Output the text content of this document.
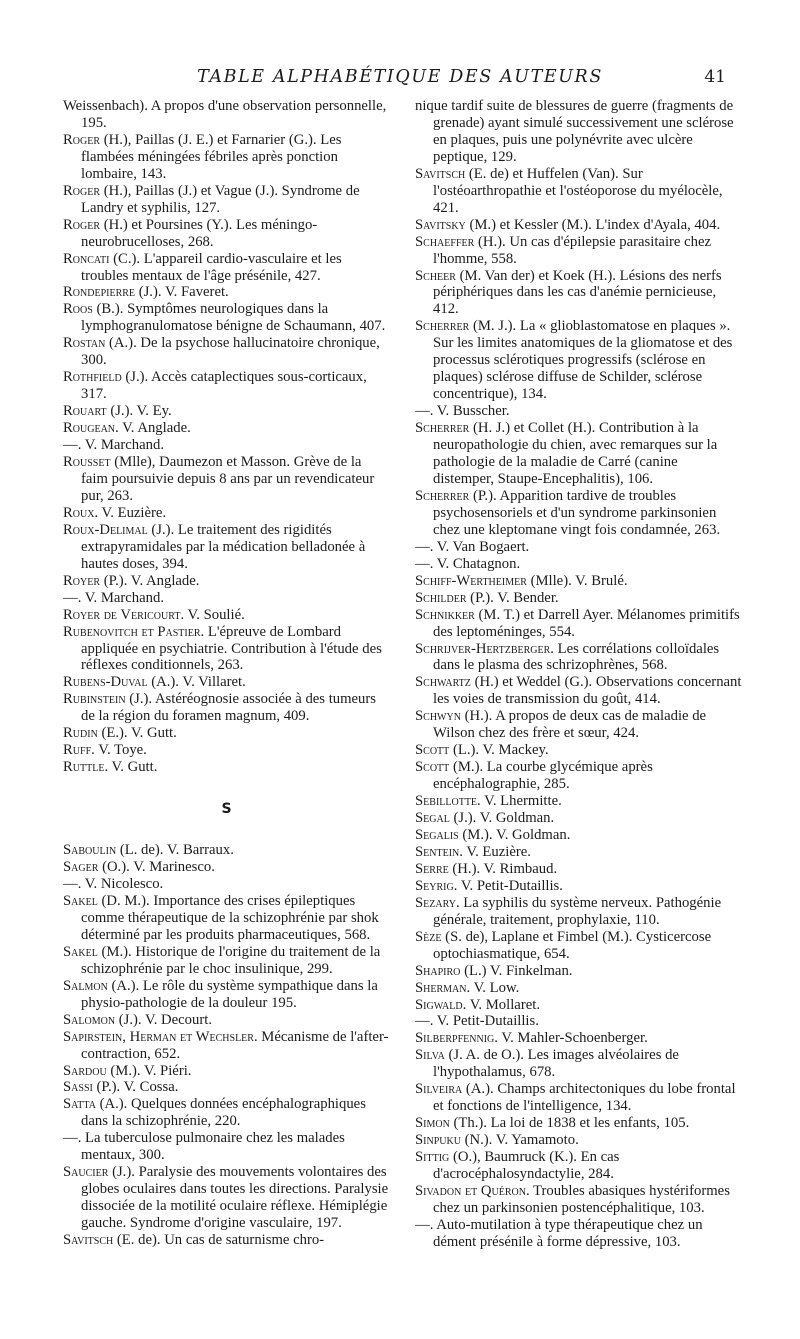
TABLE ALPHABÉTIQUE DES AUTEURS	41

Weissenbach). A propos d'une observation personnelle, 195.

Roger (H.), Paillas (J. E.) et Farnarier (G.). Les flambées méningées fébriles après ponction lombaire, 143.

Roger (H.), Paillas (J.) et Vague (J.). Syndrome de Landry et syphilis, 127.

Roger (H.) et Poursines (Y.). Les méningo-neurobrucelloses, 268.

Roncati (C.). L'appareil cardio-vasculaire et les troubles mentaux de l'âge présénile, 427.

Rondepierre (J.). V. Faveret.

Roos (B.). Symptômes neurologiques dans la lymphogranulomatose bénigne de Schaumann, 407.

Rostan (A.). De la psychose hallucinatoire chronique, 300.

Rothfield (J.). Accès cataplectiques sous-corticaux, 317.

Rouart (J.). V. Ey.

Rougean. V. Anglade.

—. V. Marchand.

Rousset (Mlle), Daumezon et Masson. Grève de la faim poursuivie depuis 8 ans par un revendicateur pur, 263.

Roux. V. Euzière.

Roux-Delimal (J.). Le traitement des rigidités extrapyramidales par la médication belladonée à hautes doses, 394.

Royer (P.). V. Anglade.

—. V. Marchand.

Royer de Vericourt. V. Soulié.

Rubenovitch et Pastier. L'épreuve de Lombard appliquée en psychiatrie. Contribution à l'étude des réflexes conditionnels, 263.

Rubens-Duval (A.). V. Villaret.

Rubinstein (J.). Astéréognosie associée à des tumeurs de la région du foramen magnum, 409.

Rudin (E.). V. Gutt.

Ruff. V. Toye.

Ruttle. V. Gutt.

S

Saboulin (L. de). V. Barraux.

Sager (O.). V. Marinesco.

—. V. Nicolesco.

Sakel (D. M.). Importance des crises épileptiques comme thérapeutique de la schizophrénie par shok déterminé par les produits pharmaceutiques, 568.

Sakel (M.). Historique de l'origine du traitement de la schizophrénie par le choc insulinique, 299.

Salmon (A.). Le rôle du système sympathique dans la physio-pathologie de la douleur 195.

Salomon (J.). V. Decourt.

Sapirstein, Herman et Wechsler. Mécanisme de l'after-contraction, 652.

Sardou (M.). V. Piéri.

Sassi (P.). V. Cossa.

Satta (A.). Quelques données encéphalographiques dans la schizophrénie, 220.

—. La tuberculose pulmonaire chez les malades mentaux, 300.

Saucier (J.). Paralysie des mouvements volontaires des globes oculaires dans toutes les directions. Paralysie dissociée de la motilité oculaire réflexe. Hémiplégie gauche. Syndrome d'origine vasculaire, 197.

Savitsch (E. de). Un cas de saturnisme chro-

nique tardif suite de blessures de guerre (fragments de grenade) ayant simulé successivement une sclérose en plaques, puis une polynévrite avec ulcère peptique, 129.

Savitsch (E. de) et Huffelen (Van). Sur l'ostéoarthropathie et l'ostéoporose du myélocèle, 421.

Savitsky (M.) et Kessler (M.). L'index d'Ayala, 404.

Schaeffer (H.). Un cas d'épilepsie parasitaire chez l'homme, 558.

Scheer (M. Van der) et Koek (H.). Lésions des nerfs périphériques dans les cas d'anémie pernicieuse, 412.

Scherrer (M. J.). La « glioblastomatose en plaques ». Sur les limites anatomiques de la gliomatose et des processus sclérotiques progressifs (sclérose en plaques) sclérose diffuse de Schilder, sclérose concentrique), 134.

—. V. Busscher.

Scherrer (H. J.) et Collet (H.). Contribution à la neuropathologie du chien, avec remarques sur la pathologie de la maladie de Carré (canine distemper, Staupe-Encephalitis), 106.

Scherrer (P.). Apparition tardive de troubles psychosensoriels et d'un syndrome parkinsonien chez une kleptomane vingt fois condamnée, 263.

—. V. Van Bogaert.

—. V. Chatagnon.

Schiff-Wertheimer (Mlle). V. Brulé.

Schilder (P.). V. Bender.

Schnikker (M. T.) et Darrell Ayer. Mélanomes primitifs des leptoméninges, 554.

Schrijver-Hertzberger. Les corrélations colloïdales dans le plasma des schrizophrènes, 568.

Schwartz (H.) et Weddel (G.). Observations concernant les voies de transmission du goût, 414.

Schwyn (H.). A propos de deux cas de maladie de Wilson chez des frère et sœur, 424.

Scott (L.). V. Mackey.

Scott (M.). La courbe glycémique après encéphalographie, 285.

Sebillotte. V. Lhermitte.

Segal (J.). V. Goldman.

Segalis (M.). V. Goldman.

Sentein. V. Euzière.

Serre (H.). V. Rimbaud.

Seyrig. V. Petit-Dutaillis.

Sezary. La syphilis du système nerveux. Pathogénie générale, traitement, prophylaxie, 110.

Sèze (S. de), Laplane et Fimbel (M.). Cysticercose optochiasmatique, 654.

Shapiro (L.) V. Finkelman.

Sherman. V. Low.

Sigwald. V. Mollaret.

—. V. Petit-Dutaillis.

Silberpfennig. V. Mahler-Schoenberger.

Silva (J. A. de O.). Les images alvéolaires de l'hypothalamus, 678.

Silveira (A.). Champs architectoniques du lobe frontal et fonctions de l'intelligence, 134.

Simon (Th.). La loi de 1838 et les enfants, 105.

Sinpuku (N.). V. Yamamoto.

Sittig (O.), Baumruck (K.). En cas d'acrocéphalosyndactylie, 284.

Sivadon et Quéron. Troubles abasiques hystériformes chez un parkinsonien postencéphalitique, 103.

—. Auto-mutilation à type thérapeutique chez un dément présénile à forme dépressive, 103.
